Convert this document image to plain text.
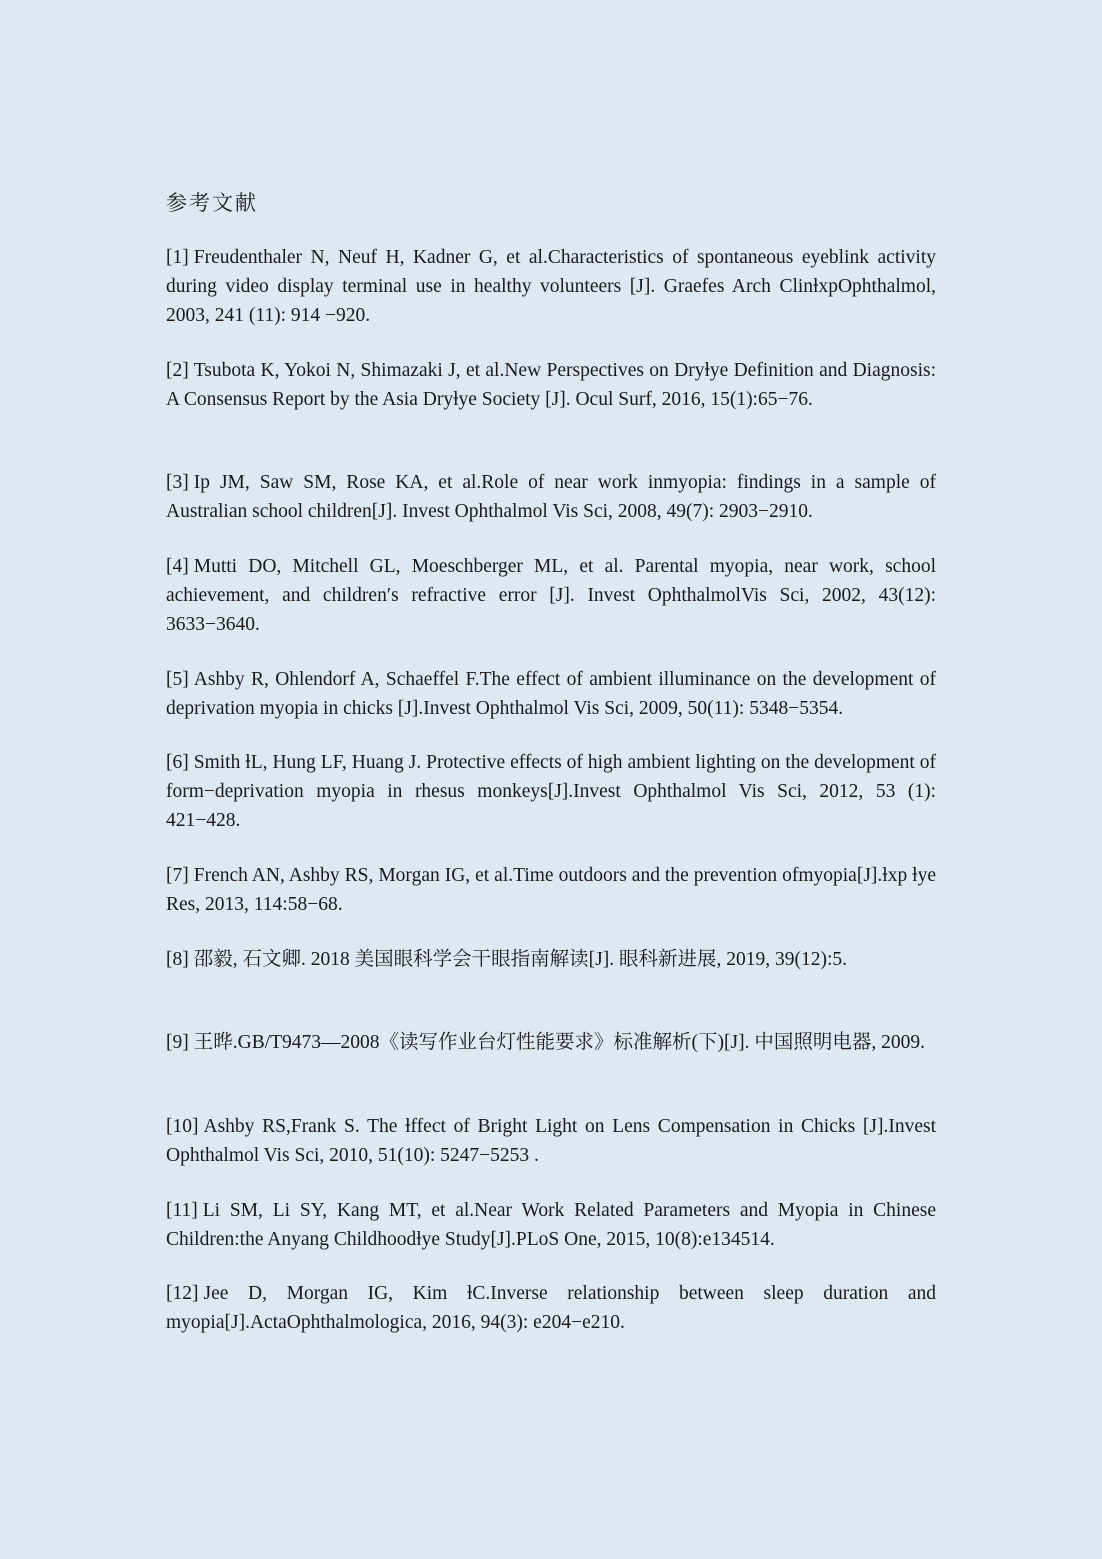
参考文献
[1] Freudenthaler N, Neuf H, Kadner G, et al.Characteristics of spontaneous eyeblink activity during video display terminal use in healthy volunteers [J]. Graefes Arch ClinⱡxpOphthalmol, 2003, 241 (11): 914 −920.
[2] Tsubota K, Yokoi N, Shimazaki J, et al.New Perspectives on Dryⱡye Definition and Diagnosis: A Consensus Report by the Asia Dryⱡye Society [J]. Ocul Surf, 2016, 15(1):65−76.
[3] Ip JM, Saw SM, Rose KA, et al.Role of near work inmyopia: findings in a sample of Australian school children[J]. Invest Ophthalmol Vis Sci, 2008, 49(7): 2903−2910.
[4] Mutti DO, Mitchell GL, Moeschberger ML, et al. Parental myopia, near work, school achievement, and children′s refractive error [J]. Invest OphthalmolVis Sci, 2002, 43(12): 3633−3640.
[5] Ashby R, Ohlendorf A, Schaeffel F.The effect of ambient illuminance on the development of deprivation myopia in chicks [J].Invest Ophthalmol Vis Sci, 2009, 50(11): 5348−5354.
[6] Smith ⱡL, Hung LF, Huang J. Protective effects of high ambient lighting on the development of form−deprivation myopia in rhesus monkeys[J].Invest Ophthalmol Vis Sci, 2012, 53 (1): 421−428.
[7] French AN, Ashby RS, Morgan IG, et al.Time outdoors and the prevention ofmyopia[J].ⱡxp ⱡye Res, 2013, 114:58−68.
[8] 邵毅, 石文卿. 2018 美国眼科学会干眼指南解读[J]. 眼科新进展, 2019, 39(12):5.
[9] 王晔.GB/T9473—2008《读写作业台灯性能要求》标准解析(下)[J]. 中国照明电器, 2009.
[10] Ashby RS,Frank S. The ⱡffect of Bright Light on Lens Compensation in Chicks [J].Invest Ophthalmol Vis Sci, 2010, 51(10): 5247−5253 .
[11] Li SM, Li SY, Kang MT, et al.Near Work Related Parameters and Myopia in Chinese Children:the Anyang Childhoodⱡye Study[J].PLoS One, 2015, 10(8):e134514.
[12] Jee D, Morgan IG, Kim ⱡC.Inverse relationship between sleep duration and myopia[J].ActaOphthalmologica, 2016, 94(3): e204−e210.
